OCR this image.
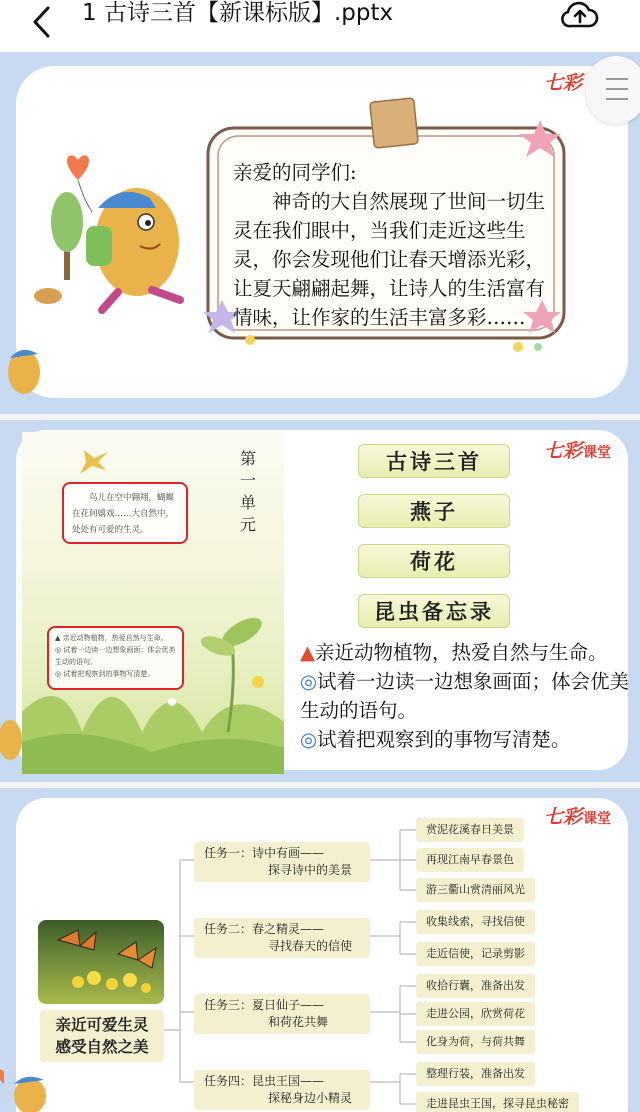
1 古诗三首【新课标版】.pptx
七彩
亲爱的同学们:
神奇的大自然展现了世间一切生灵在我们眼中，当我们走近这些生灵，你会发现他们让春天增添光彩，让夏天翩翩起舞，让诗人的生活富有情味，让作家的生活丰富多彩……
第一单元
鸟儿在空中翱翔，蝴蝶在花间嬉戏……大自然中，处处有可爱的生灵。
▲ 亲近动物植物，热爱自然与生命。
◎ 试着一边读一边想象画面；体会优美生动的语句。
◎ 试着把观察到的事物写清楚。
七彩课堂
古诗三首
燕子
荷花
昆虫备忘录
▲亲近动物植物，热爱自然与生命。
◎试着一边读一边想象画面；体会优美生动的语句。
◎试着把观察到的事物写清楚。
七彩课堂
亲近可爱生灵
感受自然之美
任务一：诗中有画——
探寻诗中的美景
任务二：春之精灵——
寻找春天的信使
任务三：夏日仙子——
和荷花共舞
任务四：昆虫王国——
探秘身边小精灵
赏泥花溪春日美景
再现江南早春景色
游三衢山赏清丽风光
收集线索，寻找信使
走近信使，记录剪影
收拾行囊，准备出发
走进公园，欣赏荷花
化身为荷，与荷共舞
整理行装，准备出发
走进昆虫王国，探寻昆虫秘密
